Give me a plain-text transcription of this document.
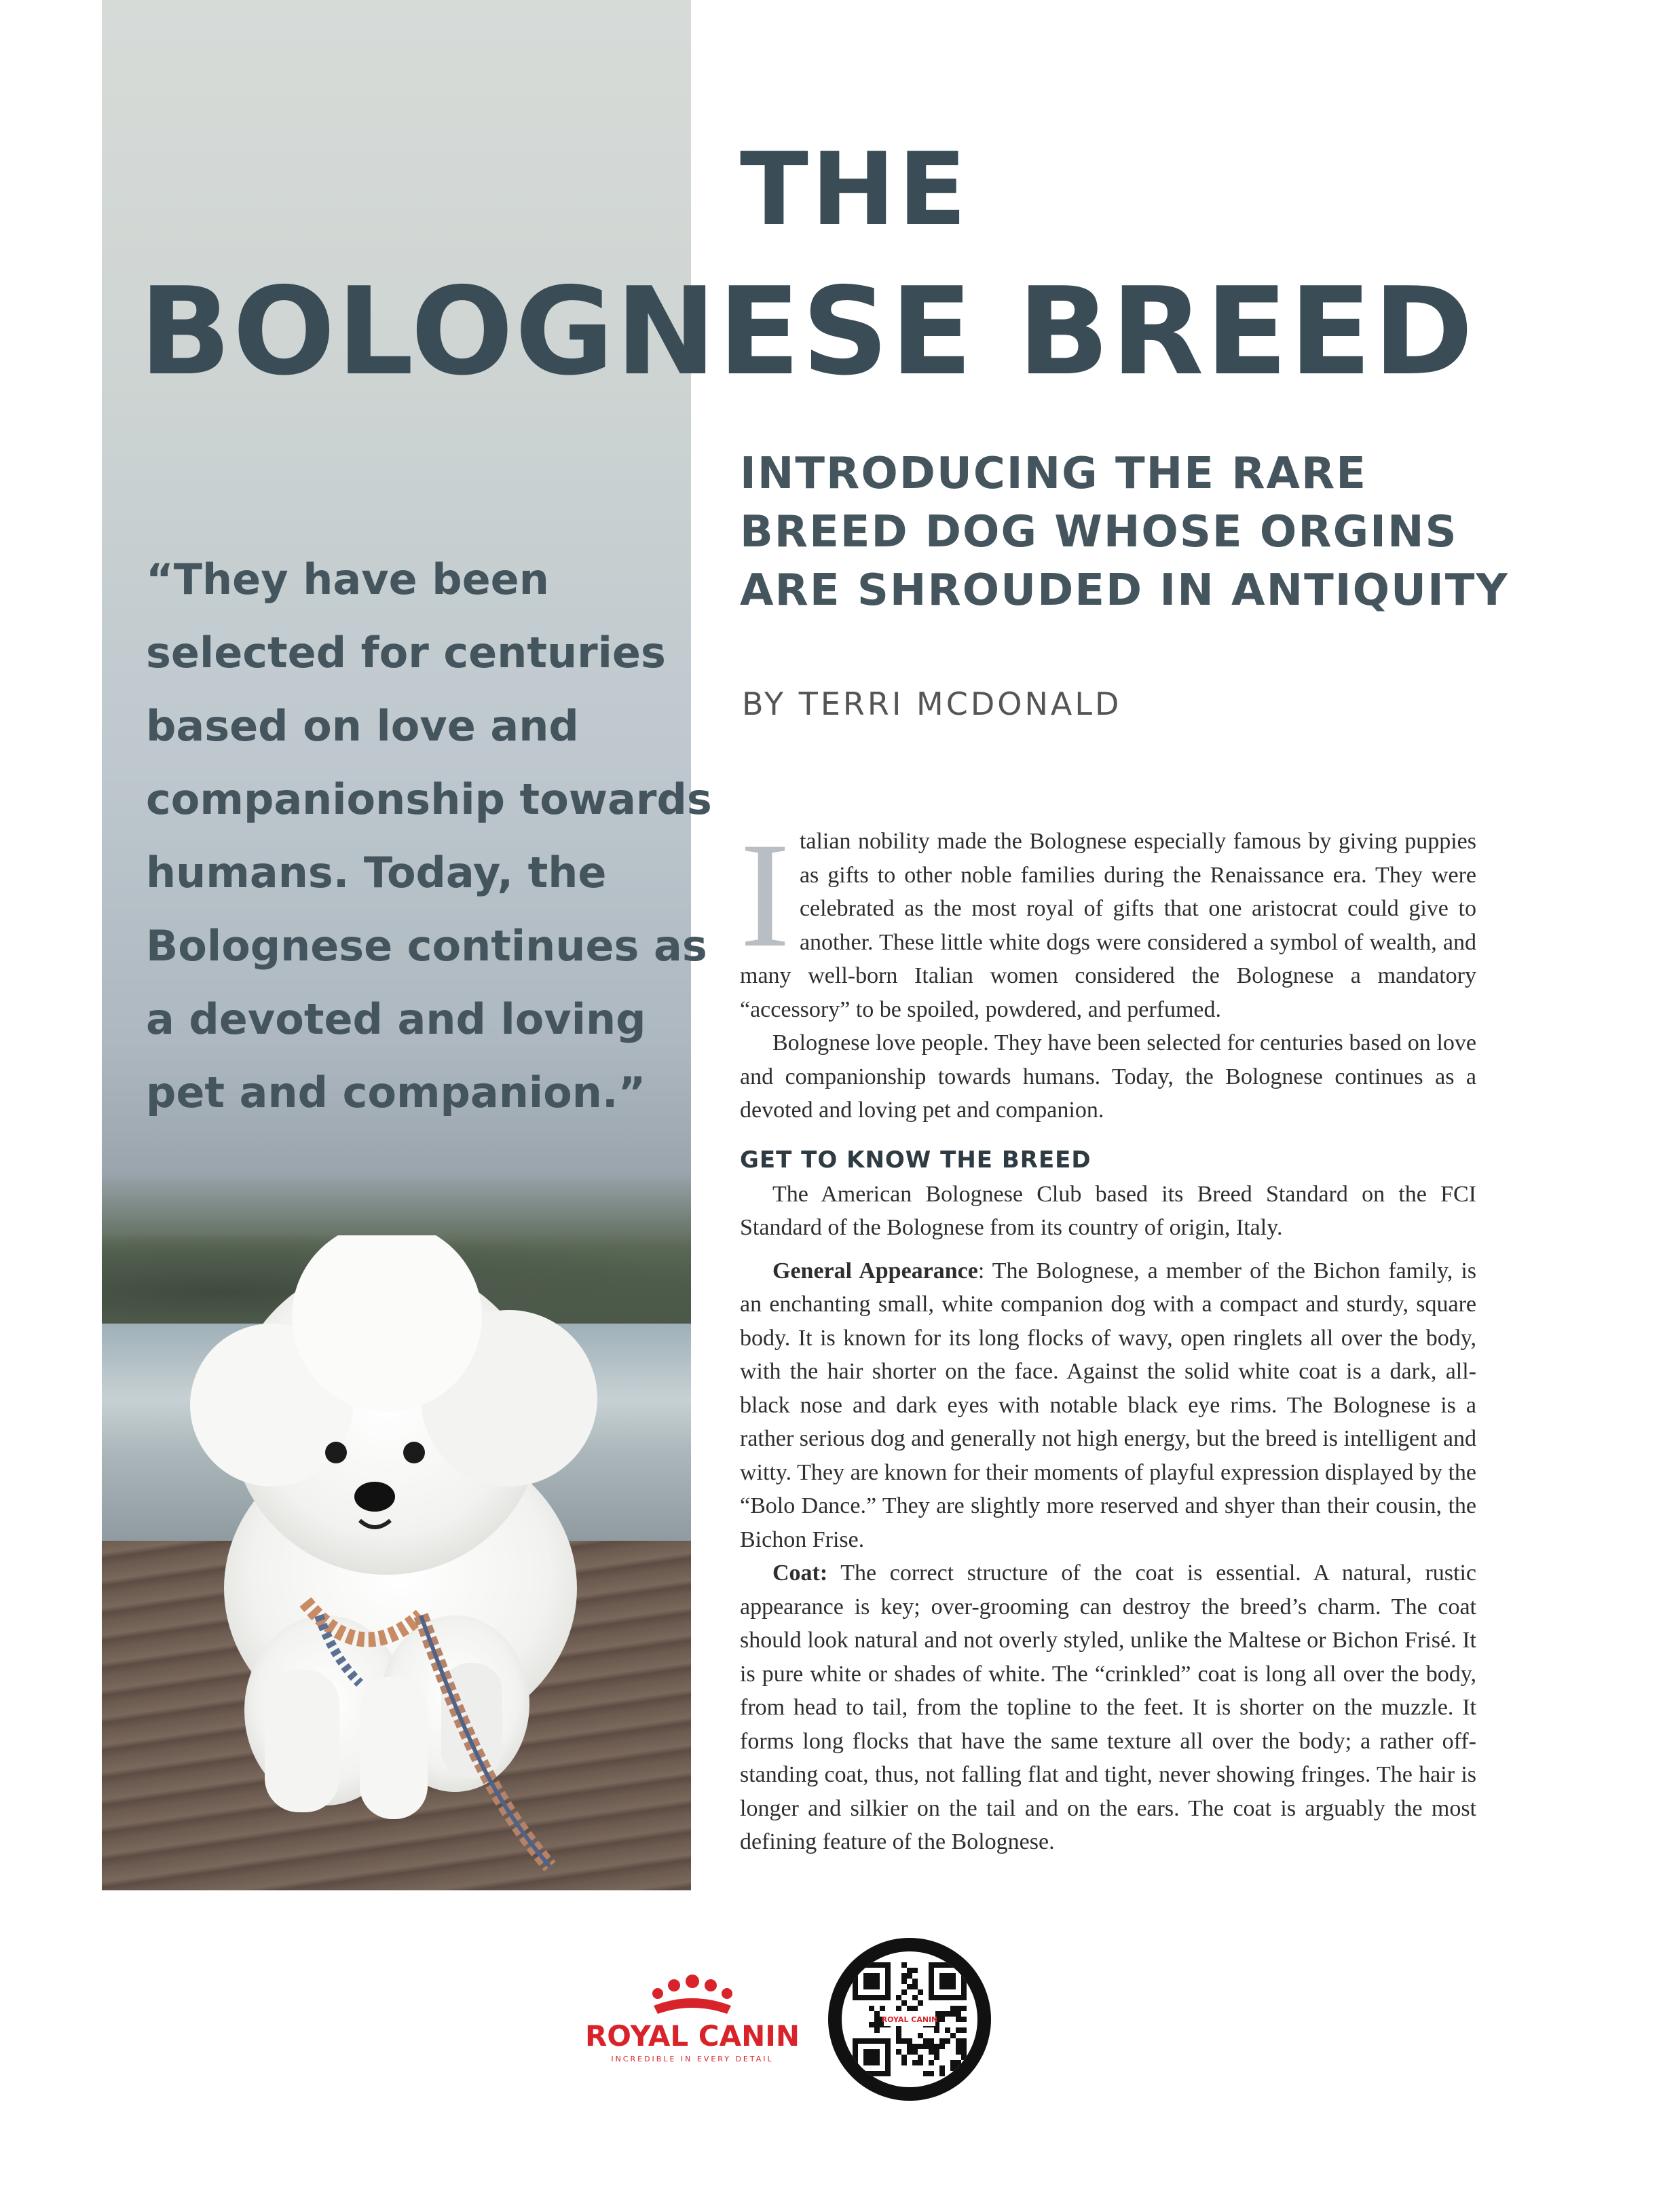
THE
BOLOGNESE BREED
INTRODUCING THE RARE
BREED DOG WHOSE ORGINS
ARE SHROUDED IN ANTIQUITY
BY TERRI MCDONALD
“They have been
selected for centuries
based on love and
companionship towards
humans. Today, the
Bolognese continues as
a devoted and loving
pet and companion.”

Italian nobility made the Bolognese especially famous by giving puppies as gifts to other noble families during the Renaissance era. They were celebrated as the most royal of gifts that one aristocrat could give to another. These little white dogs were considered a symbol of wealth, and many well-born Italian women considered the Bolognese a mandatory “accessory” to be spoiled, powdered, and perfumed.

Bolognese love people. They have been selected for centuries based on love and companionship towards humans. Today, the Bolognese continues as a devoted and loving pet and companion.

GET TO KNOW THE BREED

The American Bolognese Club based its Breed Standard on the FCI Standard of the Bolognese from its country of origin, Italy.

General Appearance: The Bolognese, a member of the Bichon family, is an enchanting small, white companion dog with a compact and sturdy, square body. It is known for its long flocks of wavy, open ringlets all over the body, with the hair shorter on the face. Against the solid white coat is a dark, all-black nose and dark eyes with notable black eye rims. The Bolognese is a rather serious dog and generally not high energy, but the breed is intelligent and witty. They are known for their moments of playful expression displayed by the “Bolo Dance.” They are slightly more reserved and shyer than their cousin, the Bichon Frise.

Coat: The correct structure of the coat is essential. A natural, rustic appearance is key; over-grooming can destroy the breed’s charm. The coat should look natural and not overly styled, unlike the Maltese or Bichon Frisé. It is pure white or shades of white. The “crinkled” coat is long all over the body, from head to tail, from the topline to the feet. It is shorter on the muzzle. It forms long flocks that have the same texture all over the body; a rather off-standing coat, thus, not falling flat and tight, never showing fringes. The hair is longer and silkier on the tail and on the ears. The coat is arguably the most defining feature of the Bolognese.

ROYAL CANIN
INCREDIBLE IN EVERY DETAIL
ROYAL CANIN
